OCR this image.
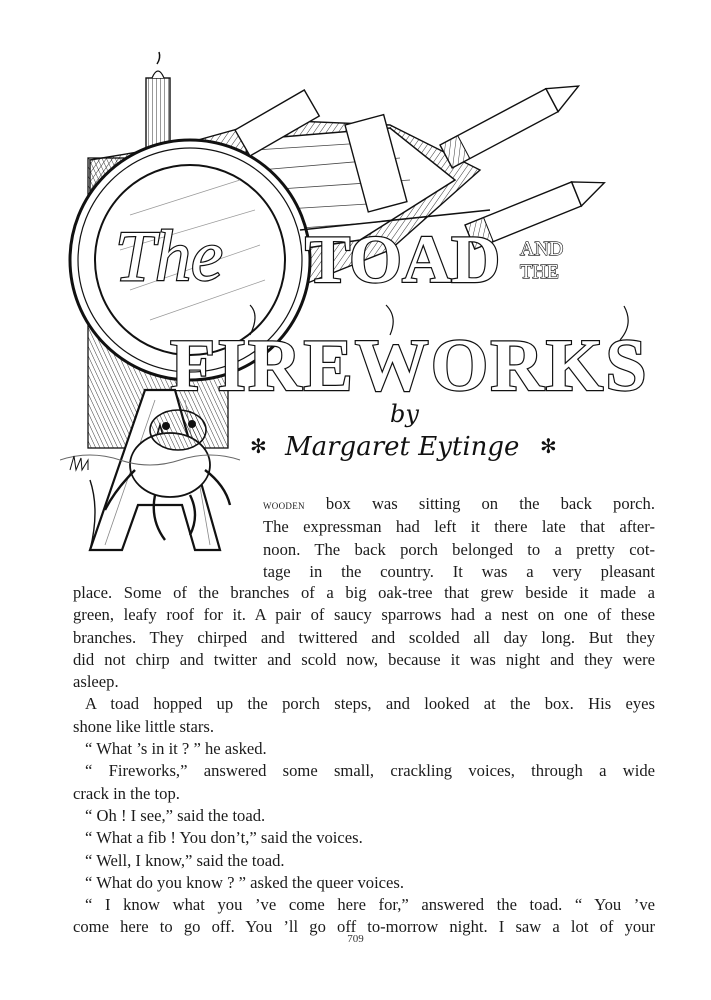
The TOAD AND
THE
FIREWORKS
by
Margaret Eytinge
✻	✻
wooden box was sitting on the back porch.
The expressman had left it there late that after-
noon. The back porch belonged to a pretty cot-
tage in the country. It was a very pleasant
place. Some of the branches of a big oak-tree that grew beside it made a
green, leafy roof for it. A pair of saucy sparrows had a nest on one of these
branches. They chirped and twittered and scolded all day long. But they
did not chirp and twitter and scold now, because it was night and they were
asleep.
A toad hopped up the porch steps, and looked at the box. His eyes
shone like little stars.
“ What ’s in it ? ” he asked.
“ Fireworks,” answered some small, crackling voices, through a wide
crack in the top.
“ Oh ! I see,” said the toad.
“ What a fib ! You don’t,” said the voices.
“ Well, I know,” said the toad.
“ What do you know ? ” asked the queer voices.
“ I know what you ’ve come here for,” answered the toad. “ You ’ve
come here to go off. You ’ll go off to-morrow night. I saw a lot of your
709
